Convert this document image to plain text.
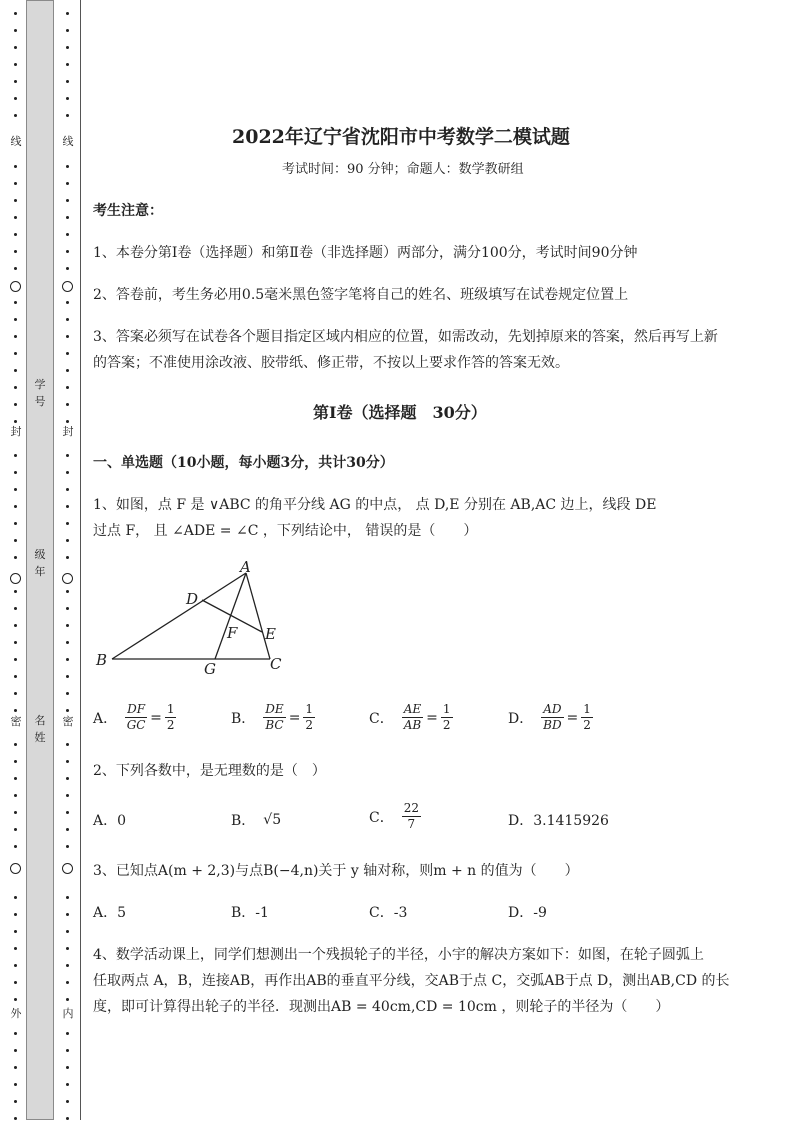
线
封
密
外
学
号
级
年
名
姓
线
封
密
内
2022年辽宁省沈阳市中考数学二模试题
考试时间：90 分钟；命题人：数学教研组
考生注意：
1、本卷分第Ⅰ卷（选择题）和第Ⅱ卷（非选择题）两部分，满分100分，考试时间90分钟
2、答卷前，考生务必用0.5毫米黑色签字笔将自己的姓名、班级填写在试卷规定位置上
3、答案必须写在试卷各个题目指定区域内相应的位置，如需改动，先划掉原来的答案，然后再写上新
的答案；不准使用涂改液、胶带纸、修正带，不按以上要求作答的答案无效。
第Ⅰ卷（选择题　30分）
一、单选题（10小题，每小题3分，共计30分）
1、如图，点 F 是 ∨ABC 的角平分线 AG 的中点， 点 D,E 分别在 AB,AC 边上，线段 DE
过点 F， 且 ∠ADE = ∠C ，下列结论中， 错误的是（　　）
A
B	C
D
E
F
G
A． $\frac{DF}{GC} = \frac{1}{2}$	B． $\frac{DE}{BC} = \frac{1}{2}$	C． $\frac{AE}{AB} = \frac{1}{2}$	D． $\frac{AD}{BD} = \frac{1}{2}$
2、下列各数中，是无理数的是（　）
A．0	B． √5	C． $\frac{22}{7}$	D．3.1415926
3、已知点A(m + 2,3)与点B(−4,n)关于 y 轴对称，则m + n 的值为（　　）
A．5	B．-1	C．-3	D．-9
4、数学活动课上，同学们想测出一个残损轮子的半径，小宇的解决方案如下：如图，在轮子圆弧上
任取两点 A，B，连接AB，再作出AB的垂直平分线，交AB于点 C，交弧AB于点 D，测出AB,CD 的长
度，即可计算得出轮子的半径．现测出AB = 40cm,CD = 10cm ，则轮子的半径为（　　）
